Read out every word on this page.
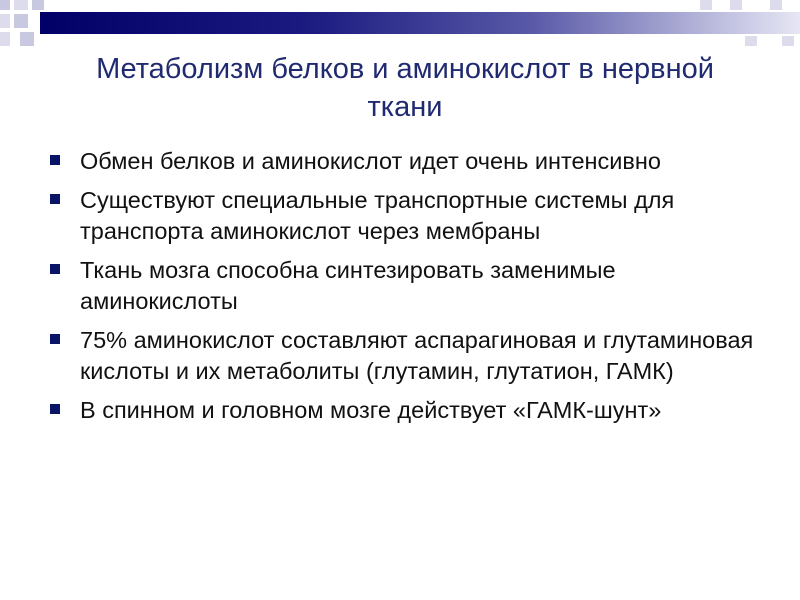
Метаболизм белков и аминокислот в нервной ткани
Обмен белков и аминокислот идет очень интенсивно
Существуют специальные транспортные системы для транспорта аминокислот через мембраны
Ткань мозга способна синтезировать заменимые аминокислоты
75% аминокислот составляют аспарагиновая и глутаминовая кислоты и их метаболиты (глутамин, глутатион, ГАМК)
В спинном и головном мозге действует «ГАМК-шунт»
